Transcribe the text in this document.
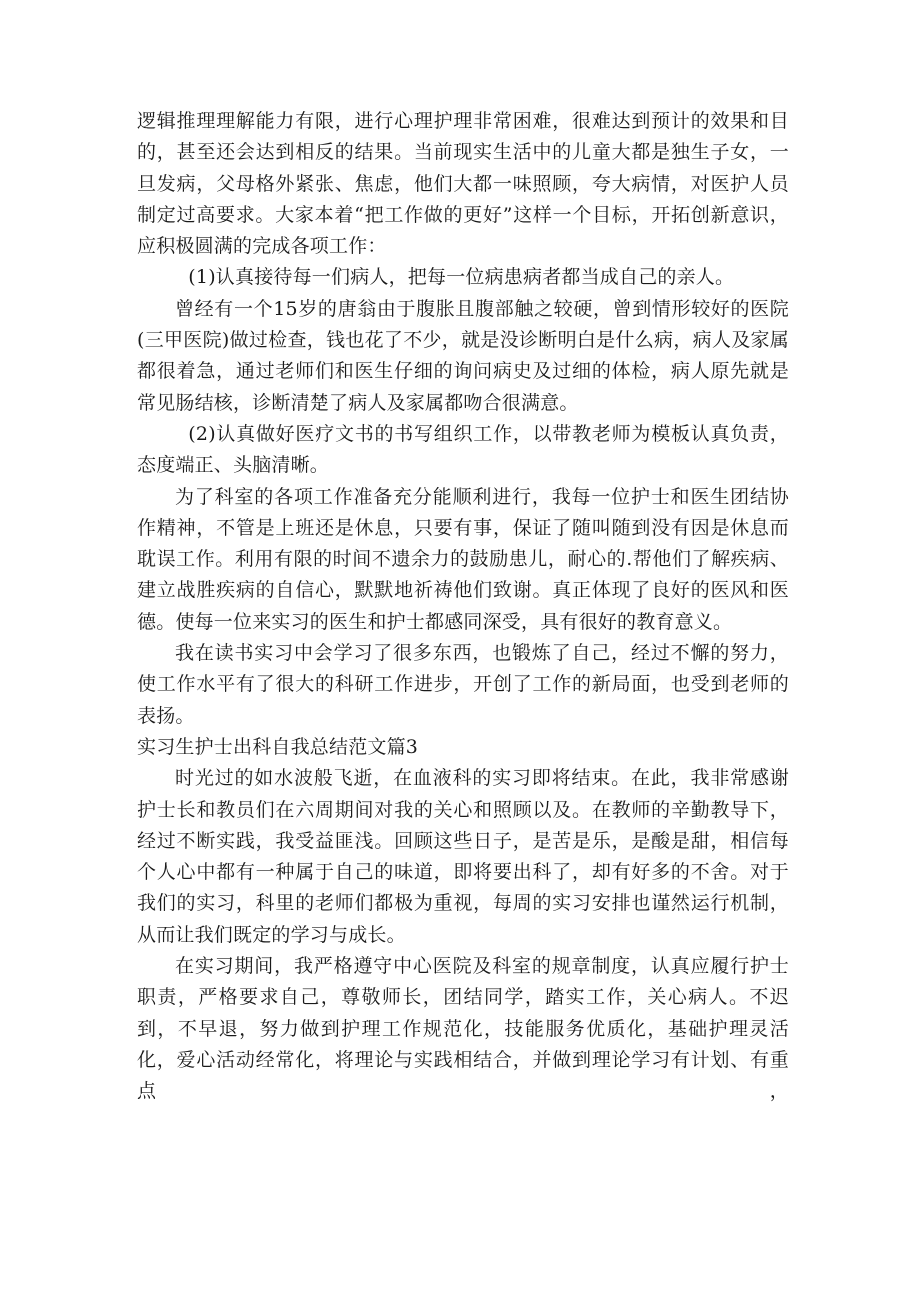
逻辑推理理解能力有限，进行心理护理非常困难，很难达到预计的效果和目的，甚至还会达到相反的结果。当前现实生活中的儿童大都是独生子女，一旦发病，父母格外紧张、焦虑，他们大都一味照顾，夸大病情，对医护人员制定过高要求。大家本着“把工作做的更好”这样一个目标，开拓创新意识，应积极圆满的完成各项工作：

(1)认真接待每一们病人，把每一位病患病者都当成自己的亲人。

曾经有一个15岁的唐翁由于腹胀且腹部触之较硬，曾到情形较好的医院(三甲医院)做过检查，钱也花了不少，就是没诊断明白是什么病，病人及家属都很着急，通过老师们和医生仔细的询问病史及过细的体检，病人原先就是常见肠结核，诊断清楚了病人及家属都吻合很满意。

(2)认真做好医疗文书的书写组织工作，以带教老师为模板认真负责，态度端正、头脑清晰。

为了科室的各项工作准备充分能顺利进行，我每一位护士和医生团结协作精神，不管是上班还是休息，只要有事，保证了随叫随到没有因是休息而耽误工作。利用有限的时间不遗余力的鼓励患儿，耐心的.帮他们了解疾病、建立战胜疾病的自信心，默默地祈祷他们致谢。真正体现了良好的医风和医德。使每一位来实习的医生和护士都感同深受，具有很好的教育意义。

我在读书实习中会学习了很多东西，也锻炼了自己，经过不懈的努力，使工作水平有了很大的科研工作进步，开创了工作的新局面，也受到老师的表扬。

实习生护士出科自我总结范文篇3

时光过的如水波般飞逝，在血液科的实习即将结束。在此，我非常感谢护士长和教员们在六周期间对我的关心和照顾以及。在教师的辛勤教导下，经过不断实践，我受益匪浅。回顾这些日子，是苦是乐，是酸是甜，相信每个人心中都有一种属于自己的味道，即将要出科了，却有好多的不舍。对于我们的实习，科里的老师们都极为重视，每周的实习安排也谨然运行机制，从而让我们既定的学习与成长。

在实习期间，我严格遵守中心医院及科室的规章制度，认真应履行护士职责，严格要求自己，尊敬师长，团结同学，踏实工作，关心病人。不迟到，不早退，努力做到护理工作规范化，技能服务优质化，基础护理灵活化，爱心活动经常化，将理论与实践相结合，并做到理论学习有计划、有重点，
